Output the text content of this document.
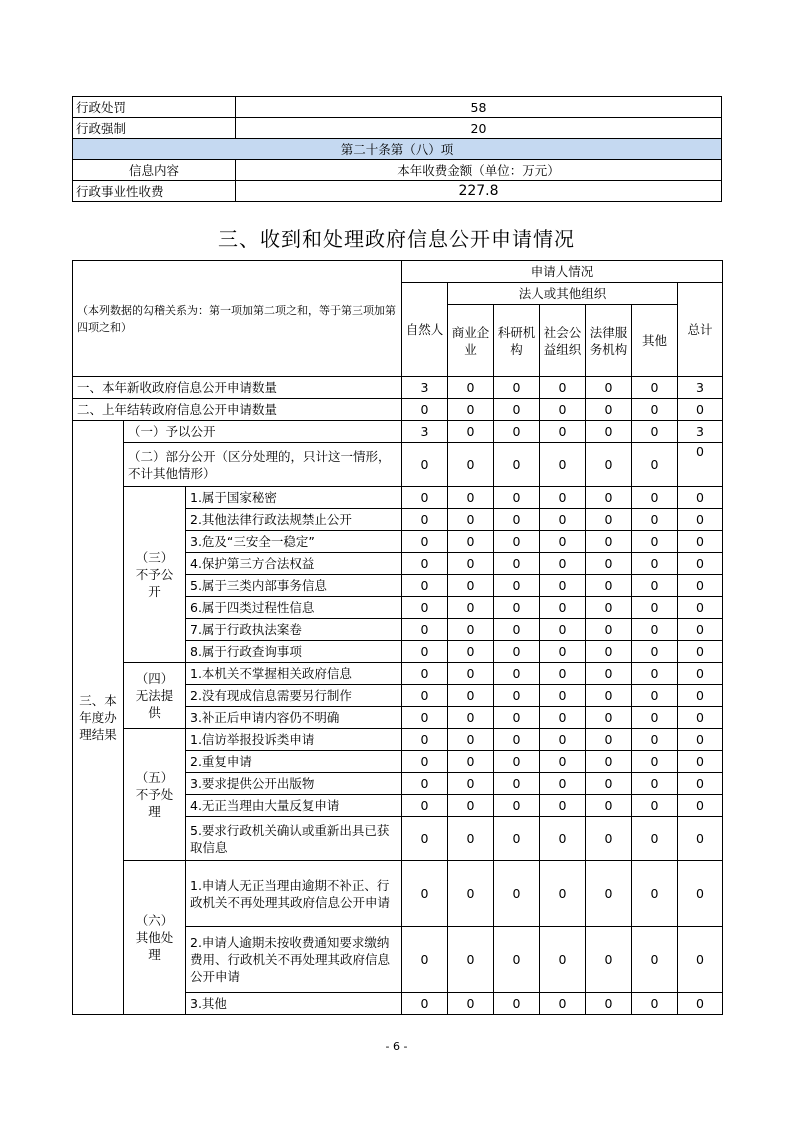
行政处罚	58
行政强制	20
第二十条第（八）项	
信息内容	本年收费金额（单位：万元）
行政事业性收费	227.8
三、收到和处理政府信息公开申请情况
（本列数据的勾稽关系为：第一项加第二项之和，等于第三项加第四项之和）			申请人情况						
			自然人	法人或其他组织					总计
				商业企业	科研机构	社会公益组织	法律服务机构	其他	
一、本年新收政府信息公开申请数量			3	0	0	0	0	0	3
二、上年结转政府信息公开申请数量			0	0	0	0	0	0	0
三、本年度办理结果	（一）予以公开		3	0	0	0	0	0	3
	（二）部分公开（区分处理的，只计这一情形，不计其他情形）		0	0	0	0	0	0	0
	（三）不予公开	1.属于国家秘密	0	0	0	0	0	0	0
		2.其他法律行政法规禁止公开	0	0	0	0	0	0	0
		3.危及“三安全一稳定”	0	0	0	0	0	0	0
		4.保护第三方合法权益	0	0	0	0	0	0	0
		5.属于三类内部事务信息	0	0	0	0	0	0	0
		6.属于四类过程性信息	0	0	0	0	0	0	0
		7.属于行政执法案卷	0	0	0	0	0	0	0
		8.属于行政查询事项	0	0	0	0	0	0	0
	（四）无法提供	1.本机关不掌握相关政府信息	0	0	0	0	0	0	0
		2.没有现成信息需要另行制作	0	0	0	0	0	0	0
		3.补正后申请内容仍不明确	0	0	0	0	0	0	0
	（五）不予处理	1.信访举报投诉类申请	0	0	0	0	0	0	0
		2.重复申请	0	0	0	0	0	0	0
		3.要求提供公开出版物	0	0	0	0	0	0	0
		4.无正当理由大量反复申请	0	0	0	0	0	0	0
		5.要求行政机关确认或重新出具已获取信息	0	0	0	0	0	0	0
	（六）其他处理	1.申请人无正当理由逾期不补正、行政机关不再处理其政府信息公开申请	0	0	0	0	0	0	0
		2.申请人逾期未按收费通知要求缴纳费用、行政机关不再处理其政府信息公开申请	0	0	0	0	0	0	0
		3.其他	0	0	0	0	0	0	0
- 6 -
